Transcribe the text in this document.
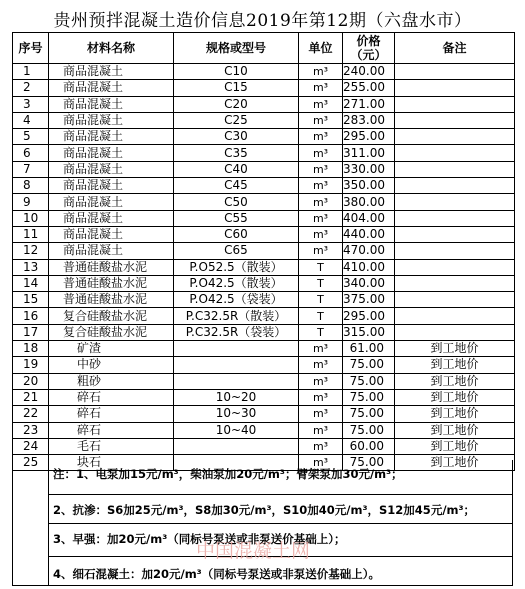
贵州预拌混凝土造价信息2019年第12期（六盘水市）
序号	材料名称	规格或型号	单位	价格
（元）	备注
1	商品混凝土	C10	m³	240.00	
2	商品混凝土	C15	m³	255.00	
3	商品混凝土	C20	m³	271.00	
4	商品混凝土	C25	m³	283.00	
5	商品混凝土	C30	m³	295.00	
6	商品混凝土	C35	m³	311.00	
7	商品混凝土	C40	m³	330.00	
8	商品混凝土	C45	m³	350.00	
9	商品混凝土	C50	m³	380.00	
10	商品混凝土	C55	m³	404.00	
11	商品混凝土	C60	m³	440.00	
12	商品混凝土	C65	m³	470.00	
13	普通硅酸盐水泥	P.O52.5（散装）	T	410.00	
14	普通硅酸盐水泥	P.O42.5（散装）	T	340.00	
15	普通硅酸盐水泥	P.O42.5（袋装）	T	375.00	
16	复合硅酸盐水泥	P.C32.5R（散装）	T	295.00	
17	复合硅酸盐水泥	P.C32.5R（袋装）	T	315.00	
18	矿渣		m³	61.00	到工地价
19	中砂		m³	75.00	到工地价
20	粗砂		m³	75.00	到工地价
21	碎石	10~20	m³	75.00	到工地价
22	碎石	10~30	m³	75.00	到工地价
23	碎石	10~40	m³	75.00	到工地价
24	毛石		m³	60.00	到工地价
25	块石		m³	75.00	到工地价
注：1、电泵加15元/m³，柴油泵加20元/m³；臂架泵加30元/m³；
2、抗渗：S6加25元/m³，S8加30元/m³，S10加40元/m³，S12加45元/m³；
3、早强：加20元/m³（同标号泵送或非泵送价基础上）；
4、细石混凝土：加20元/m³（同标号泵送或非泵送价基础上）。
中国混凝土网
